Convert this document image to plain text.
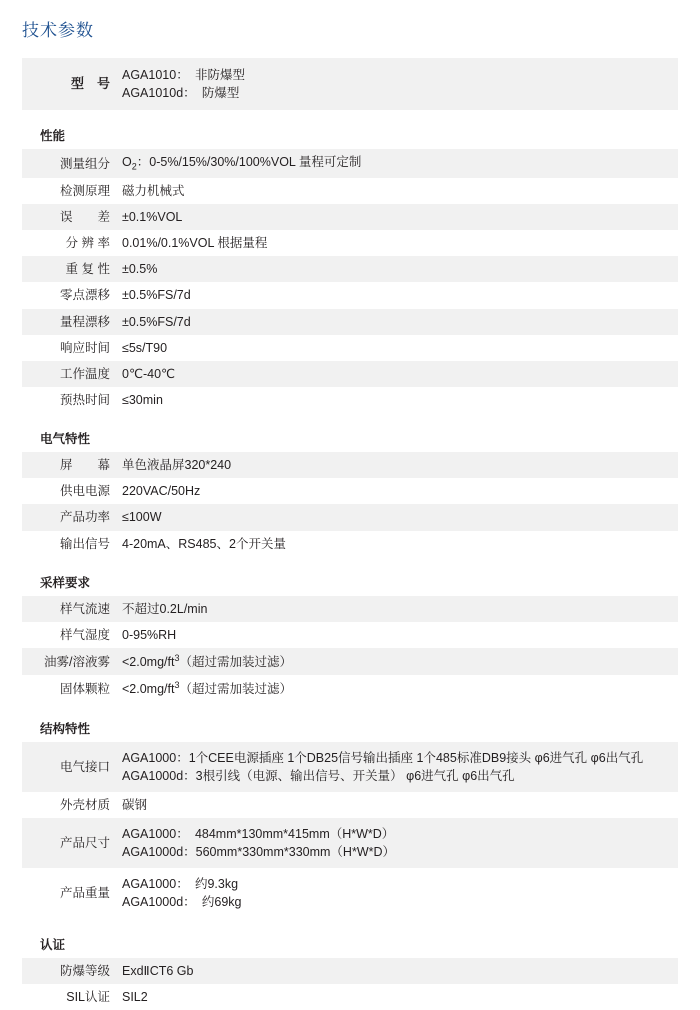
技术参数
型　号	AGA1010：　非防爆型
AGA1010d：　防爆型

性能	
测量组分	$O_2$：0-5%/15%/30%/100%VOL 量程可定制

检测原理	磁力机械式

误　　差	±0.1%VOL

分 辨 率	0.01%/0.1%VOL 根据量程

重 复 性	±0.5%

零点漂移	±0.5%FS/7d

量程漂移	±0.5%FS/7d

响应时间	≤5s/T90

工作温度	0℃-40℃

预热时间	≤30min

电气特性	
屏　　幕	单色液晶屏320*240

供电电源	220VAC/50Hz

产品功率	≤100W

输出信号	4-20mA、RS485、2个开关量

采样要求	
样气流速	不超过0.2L/min

样气湿度	0-95%RH

油雾/溶液雾	$<2.0mg/ft^3$（超过需加装过滤）

固体颗粒	$<2.0mg/ft^3$（超过需加装过滤）

结构特性	
电气接口	AGA1000：1个CEE电源插座 1个DB25信号输出插座 1个485标准DB9接头 φ6进气孔 φ6出气孔
AGA1000d：3根引线（电源、输出信号、开关量） φ6进气孔 φ6出气孔

外壳材质	碳钢

产品尺寸	AGA1000：　484mm*130mm*415mm（H*W*D）
AGA1000d：560mm*330mm*330mm（H*W*D）

产品重量	AGA1000：　约9.3kg
AGA1000d：　约69kg

认证	
防爆等级	ExdⅡCT6 Gb

SIL认证	SIL2
